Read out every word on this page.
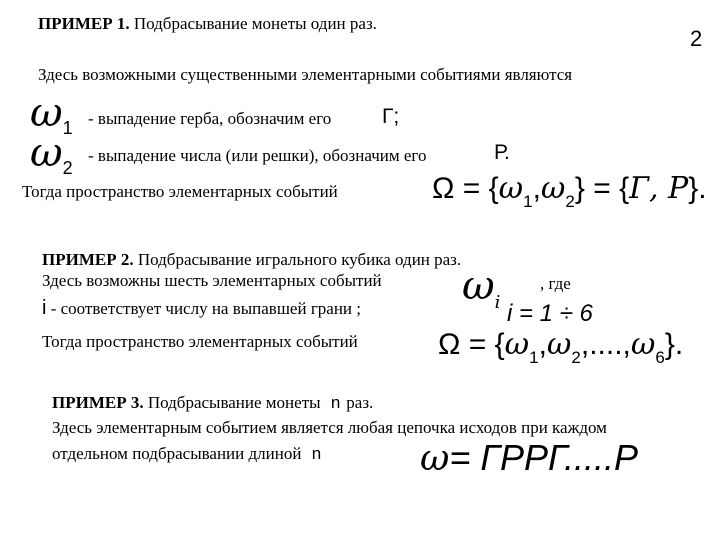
2
ПРИМЕР 1. Подбрасывание монеты один раз.
Здесь возможными существенными элементарными событиями являются
ω1 - выпадение герба, обозначим его Г;
ω2
- выпадение числа (или решки), обозначим его	Р.
Тогда пространство элементарных событий	$\Omega = \{\omega_1,\omega_2\} = \{Г$, Р}.
ПРИМЕР 2. Подбрасывание игрального кубика один раз.
Здесь возможны шесть элементарных событий ωi
, где
i - соответствует числу на выпавшей грани ;	i = 1 ÷ 6
Тогда пространство элементарных событий	$\Omega = \{\omega_1,\omega_2,....,\omega_6\}$.
ПРИМЕР 3. Подбрасывание монеты n раз.
Здесь элементарным событием является любая цепочка исходов при каждом
отдельном подбрасывании длиной n	ω= ГРРГ.....Р
